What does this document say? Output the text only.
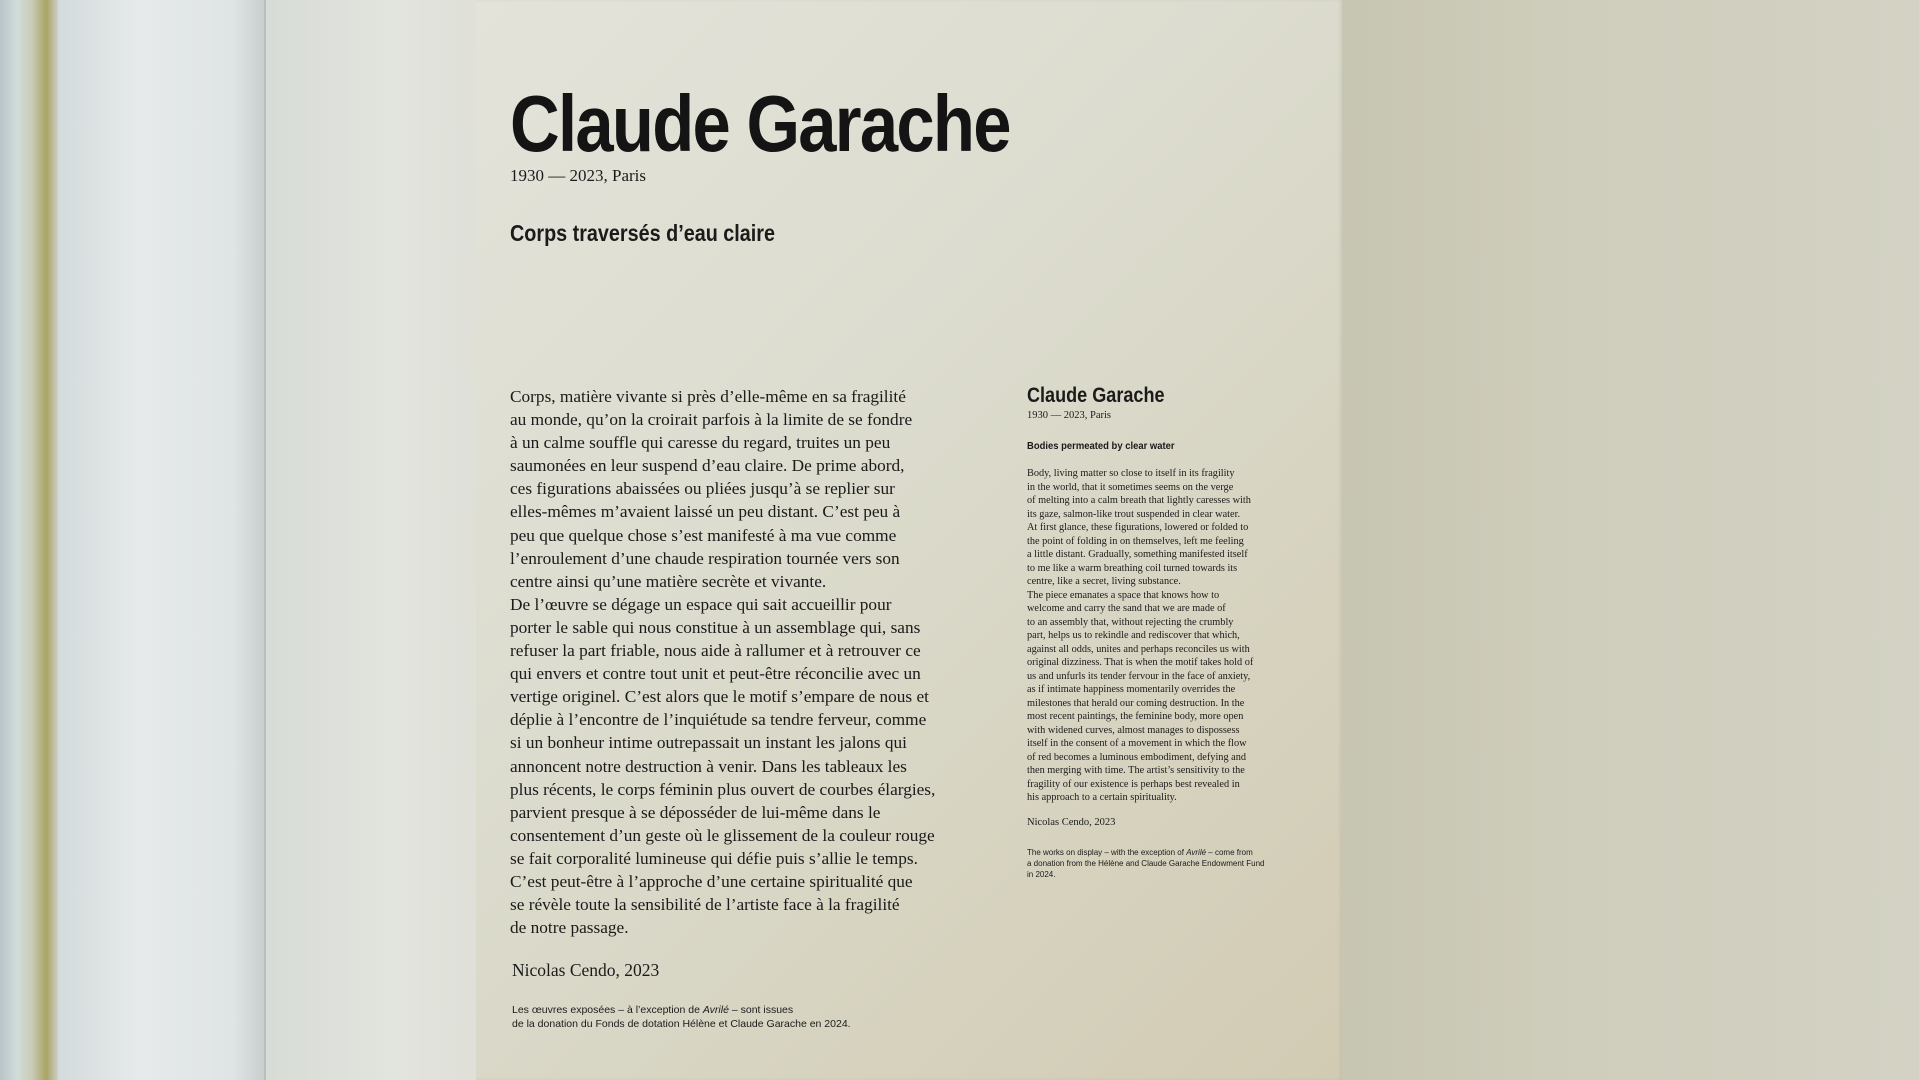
Claude Garache
1930 — 2023, Paris
Corps traversés d’eau claire
Corps, matière vivante si près d’elle-même en sa fragilité
au monde, qu’on la croirait parfois à la limite de se fondre
à un calme souffle qui caresse du regard, truites un peu
saumonées en leur suspend d’eau claire. De prime abord,
ces figurations abaissées ou pliées jusqu’à se replier sur
elles-mêmes m’avaient laissé un peu distant. C’est peu à
peu que quelque chose s’est manifesté à ma vue comme
l’enroulement d’une chaude respiration tournée vers son
centre ainsi qu’une matière secrète et vivante.
De l’œuvre se dégage un espace qui sait accueillir pour
porter le sable qui nous constitue à un assemblage qui, sans
refuser la part friable, nous aide à rallumer et à retrouver ce
qui envers et contre tout unit et peut-être réconcilie avec un
vertige originel. C’est alors que le motif s’empare de nous et
déplie à l’encontre de l’inquiétude sa tendre ferveur, comme
si un bonheur intime outrepassait un instant les jalons qui
annoncent notre destruction à venir. Dans les tableaux les
plus récents, le corps féminin plus ouvert de courbes élargies,
parvient presque à se déposséder de lui-même dans le
consentement d’un geste où le glissement de la couleur rouge
se fait corporalité lumineuse qui défie puis s’allie le temps.
C’est peut-être à l’approche d’une certaine spiritualité que
se révèle toute la sensibilité de l’artiste face à la fragilité
de notre passage.
Nicolas Cendo, 2023
Les œuvres exposées – à l’exception de Avrilé – sont issues
de la donation du Fonds de dotation Hélène et Claude Garache en 2024.
Claude Garache
1930 — 2023, Paris
Bodies permeated by clear water
Body, living matter so close to itself in its fragility
in the world, that it sometimes seems on the verge
of melting into a calm breath that lightly caresses with
its gaze, salmon-like trout suspended in clear water.
At first glance, these figurations, lowered or folded to
the point of folding in on themselves, left me feeling
a little distant. Gradually, something manifested itself
to me like a warm breathing coil turned towards its
centre, like a secret, living substance.
The piece emanates a space that knows how to
welcome and carry the sand that we are made of
to an assembly that, without rejecting the crumbly
part, helps us to rekindle and rediscover that which,
against all odds, unites and perhaps reconciles us with
original dizziness. That is when the motif takes hold of
us and unfurls its tender fervour in the face of anxiety,
as if intimate happiness momentarily overrides the
milestones that herald our coming destruction. In the
most recent paintings, the feminine body, more open
with widened curves, almost manages to dispossess
itself in the consent of a movement in which the flow
of red becomes a luminous embodiment, defying and
then merging with time. The artist’s sensitivity to the
fragility of our existence is perhaps best revealed in
his approach to a certain spirituality.
Nicolas Cendo, 2023
The works on display – with the exception of Avrilé – come from
a donation from the Hélène and Claude Garache Endowment Fund
in 2024.
